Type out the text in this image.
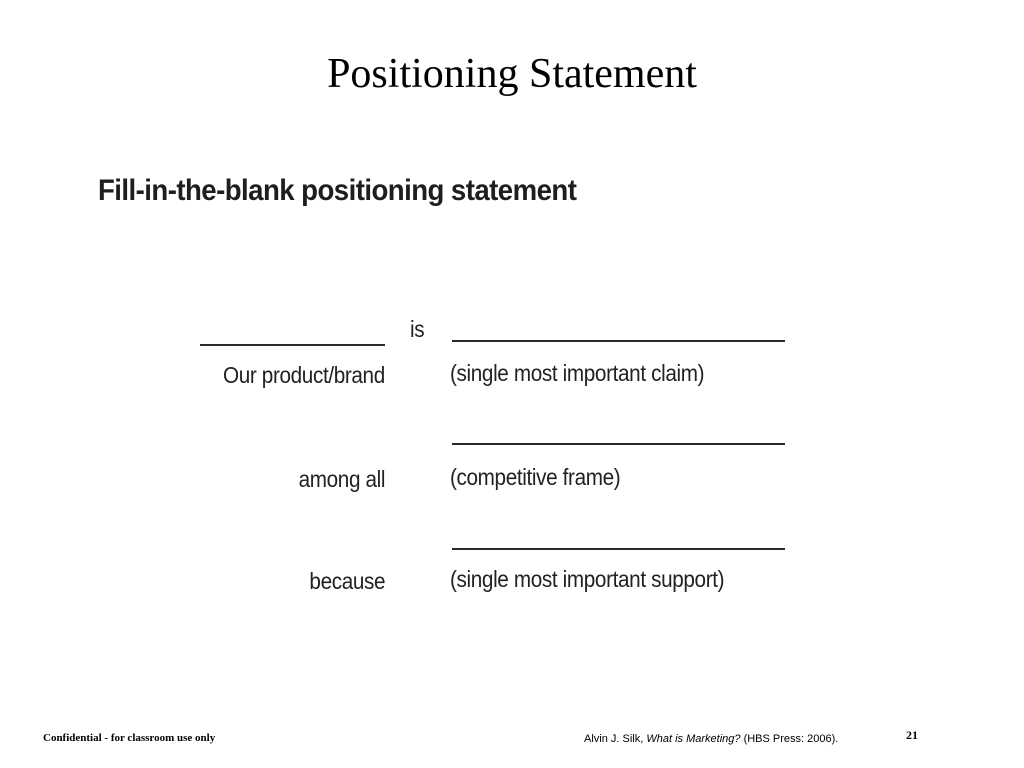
Positioning Statement
Fill-in-the-blank positioning statement
is
Our product/brand	(single most important claim)
among all	(competitive frame)
because	(single most important support)
Confidential - for classroom use only	Alvin J. Silk, What is Marketing? (HBS Press: 2006).	21
